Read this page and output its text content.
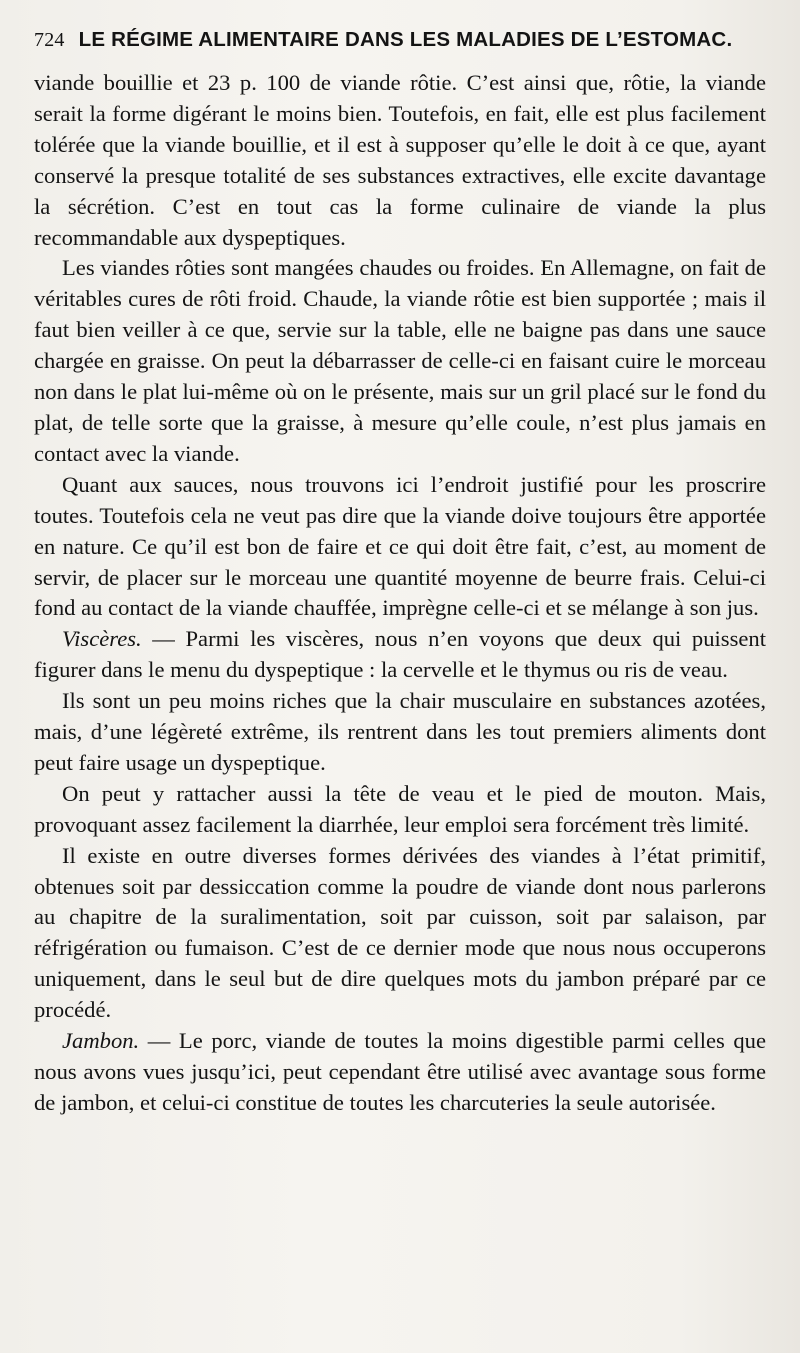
724 LE RÉGIME ALIMENTAIRE DANS LES MALADIES DE L’ESTOMAC.

viande bouillie et 23 p. 100 de viande rôtie. C’est ainsi que, rôtie, la viande serait la forme digérant le moins bien. Toutefois, en fait, elle est plus facilement tolérée que la viande bouillie, et il est à supposer qu’elle le doit à ce que, ayant conservé la presque totalité de ses substances extractives, elle excite davantage la sécrétion. C’est en tout cas la forme culinaire de viande la plus recommandable aux dyspeptiques.

Les viandes rôties sont mangées chaudes ou froides. En Allemagne, on fait de véritables cures de rôti froid. Chaude, la viande rôtie est bien supportée ; mais il faut bien veiller à ce que, servie sur la table, elle ne baigne pas dans une sauce chargée en graisse. On peut la débarrasser de celle-ci en faisant cuire le morceau non dans le plat lui-même où on le présente, mais sur un gril placé sur le fond du plat, de telle sorte que la graisse, à mesure qu’elle coule, n’est plus jamais en contact avec la viande.

Quant aux sauces, nous trouvons ici l’endroit justifié pour les proscrire toutes. Toutefois cela ne veut pas dire que la viande doive toujours être apportée en nature. Ce qu’il est bon de faire et ce qui doit être fait, c’est, au moment de servir, de placer sur le morceau une quantité moyenne de beurre frais. Celui-ci fond au contact de la viande chauffée, imprègne celle-ci et se mélange à son jus.

Viscères. — Parmi les viscères, nous n’en voyons que deux qui puissent figurer dans le menu du dyspeptique : la cervelle et le thymus ou ris de veau.

Ils sont un peu moins riches que la chair musculaire en substances azotées, mais, d’une légèreté extrême, ils rentrent dans les tout premiers aliments dont peut faire usage un dyspeptique.

On peut y rattacher aussi la tête de veau et le pied de mouton. Mais, provoquant assez facilement la diarrhée, leur emploi sera forcément très limité.

Il existe en outre diverses formes dérivées des viandes à l’état primitif, obtenues soit par dessiccation comme la poudre de viande dont nous parlerons au chapitre de la suralimentation, soit par cuisson, soit par salaison, par réfrigération ou fumaison. C’est de ce dernier mode que nous nous occuperons uniquement, dans le seul but de dire quelques mots du jambon préparé par ce procédé.

Jambon. — Le porc, viande de toutes la moins digestible parmi celles que nous avons vues jusqu’ici, peut cependant être utilisé avec avantage sous forme de jambon, et celui-ci constitue de toutes les charcuteries la seule autorisée.
